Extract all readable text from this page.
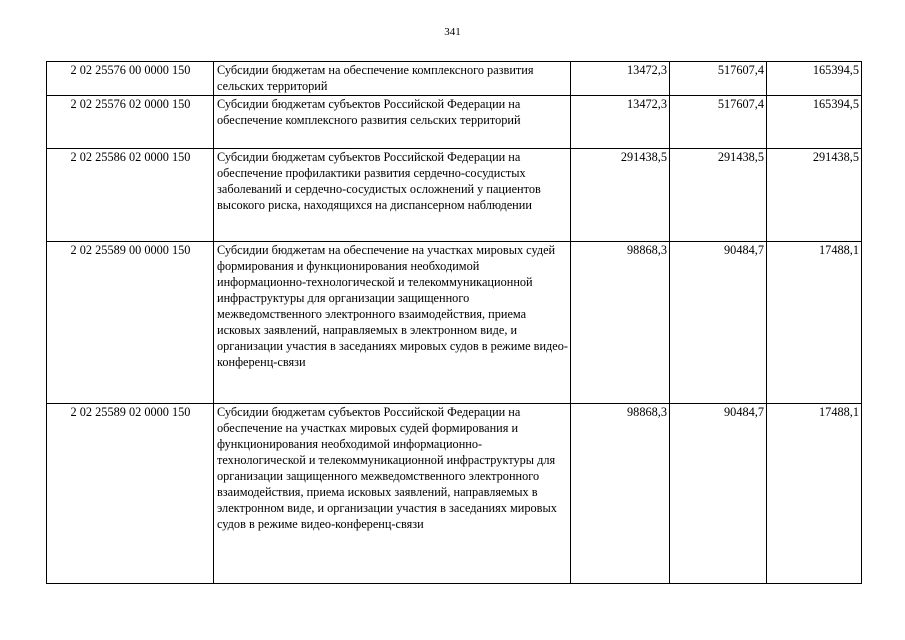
341
2 02 25576 00 0000 150	Субсидии бюджетам на обеспечение комплексного развития сельских территорий	13472,3	517607,4	165394,5
2 02 25576 02 0000 150	Субсидии бюджетам субъектов Российской Федерации на обеспечение комплексного развития сельских территорий	13472,3	517607,4	165394,5
2 02 25586 02 0000 150	Субсидии бюджетам субъектов Российской Федерации на обеспечение профилактики развития сердечно-сосудистых заболеваний и сердечно-сосудистых осложнений у пациентов высокого риска, находящихся на диспансерном наблюдении	291438,5	291438,5	291438,5
2 02 25589 00 0000 150	Субсидии бюджетам на обеспечение на участках мировых судей формирования и функционирования необходимой информационно-технологической и телекоммуникационной инфраструктуры для организации защищенного межведомственного электронного взаимодействия, приема исковых заявлений, направляемых в электронном виде, и организации участия в заседаниях мировых судов в режиме видео-конференц-связи	98868,3	90484,7	17488,1
2 02 25589 02 0000 150	Субсидии бюджетам субъектов Российской Федерации на обеспечение на участках мировых судей формирования и функционирования необходимой информационно-технологической и телекоммуникационной инфраструктуры для организации защищенного межведомственного электронного взаимодействия, приема исковых заявлений, направляемых в электронном виде, и организации участия в заседаниях мировых судов в режиме видео-конференц-связи	98868,3	90484,7	17488,1
